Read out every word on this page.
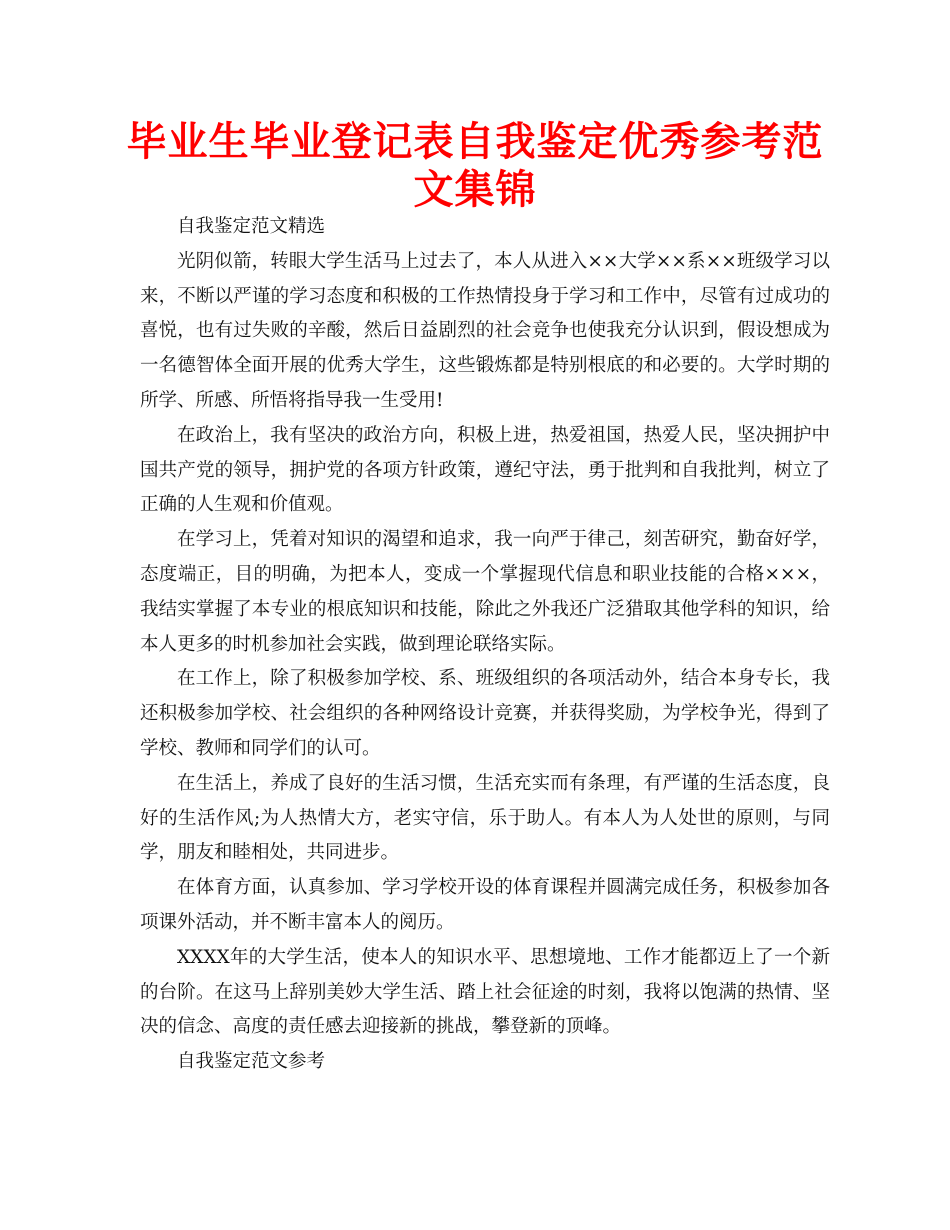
毕业生毕业登记表自我鉴定优秀参考范文集锦

自我鉴定范文精选

光阴似箭，转眼大学生活马上过去了，本人从进入××大学××系××班级学习以来，不断以严谨的学习态度和积极的工作热情投身于学习和工作中，尽管有过成功的喜悦，也有过失败的辛酸，然后日益剧烈的社会竞争也使我充分认识到，假设想成为一名德智体全面开展的优秀大学生，这些锻炼都是特别根底的和必要的。大学时期的所学、所感、所悟将指导我一生受用!

在政治上，我有坚决的政治方向，积极上进，热爱祖国，热爱人民，坚决拥护中国共产党的领导，拥护党的各项方针政策，遵纪守法，勇于批判和自我批判，树立了正确的人生观和价值观。

在学习上，凭着对知识的渴望和追求，我一向严于律己，刻苦研究，勤奋好学，态度端正，目的明确，为把本人，变成一个掌握现代信息和职业技能的合格×××，我结实掌握了本专业的根底知识和技能，除此之外我还广泛猎取其他学科的知识，给本人更多的时机参加社会实践，做到理论联络实际。

在工作上，除了积极参加学校、系、班级组织的各项活动外，结合本身专长，我还积极参加学校、社会组织的各种网络设计竞赛，并获得奖励，为学校争光，得到了学校、教师和同学们的认可。

在生活上，养成了良好的生活习惯，生活充实而有条理，有严谨的生活态度，良好的生活作风;为人热情大方，老实守信，乐于助人。有本人为人处世的原则，与同学，朋友和睦相处，共同进步。

在体育方面，认真参加、学习学校开设的体育课程并圆满完成任务，积极参加各项课外活动，并不断丰富本人的阅历。

XXXX年的大学生活，使本人的知识水平、思想境地、工作才能都迈上了一个新的台阶。在这马上辞别美妙大学生活、踏上社会征途的时刻，我将以饱满的热情、坚决的信念、高度的责任感去迎接新的挑战，攀登新的顶峰。

自我鉴定范文参考
